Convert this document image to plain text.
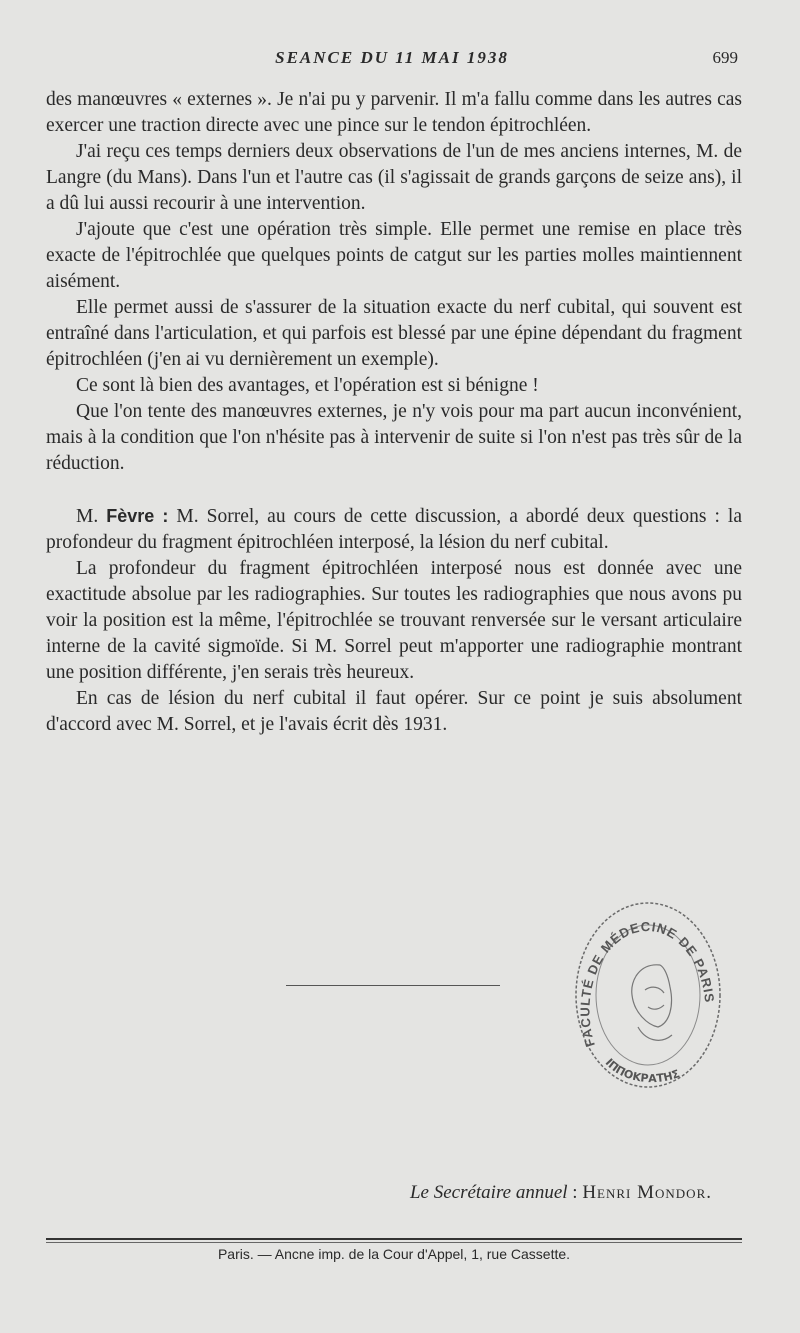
SEANCE DU 11 MAI 1938	699

des manœuvres « externes ». Je n'ai pu y parvenir. Il m'a fallu comme dans les autres cas exercer une traction directe avec une pince sur le tendon épitrochléen.

J'ai reçu ces temps derniers deux observations de l'un de mes anciens internes, M. de Langre (du Mans). Dans l'un et l'autre cas (il s'agissait de grands garçons de seize ans), il a dû lui aussi recourir à une intervention.

J'ajoute que c'est une opération très simple. Elle permet une remise en place très exacte de l'épitrochlée que quelques points de catgut sur les parties molles maintiennent aisément.

Elle permet aussi de s'assurer de la situation exacte du nerf cubital, qui souvent est entraîné dans l'articulation, et qui parfois est blessé par une épine dépendant du fragment épitrochléen (j'en ai vu dernièrement un exemple).

Ce sont là bien des avantages, et l'opération est si bénigne !

Que l'on tente des manœuvres externes, je n'y vois pour ma part aucun inconvénient, mais à la condition que l'on n'hésite pas à intervenir de suite si l'on n'est pas très sûr de la réduction.

M. Fèvre : M. Sorrel, au cours de cette discussion, a abordé deux questions : la profondeur du fragment épitrochléen interposé, la lésion du nerf cubital.

La profondeur du fragment épitrochléen interposé nous est donnée avec une exactitude absolue par les radiographies. Sur toutes les radiographies que nous avons pu voir la position est la même, l'épitrochlée se trouvant renversée sur le versant articulaire interne de la cavité sigmoïde. Si M. Sorrel peut m'apporter une radiographie montrant une position différente, j'en serais très heureux.

En cas de lésion du nerf cubital il faut opérer. Sur ce point je suis absolument d'accord avec M. Sorrel, et je l'avais écrit dès 1931.

FACULTÉ DE MÉDECINE DE PARIS
ΙΠΠΟΚΡΑΤΗΣ
Le Secrétaire annuel : Henri Mondor.
Paris. — Ancne imp. de la Cour d'Appel, 1, rue Cassette.
